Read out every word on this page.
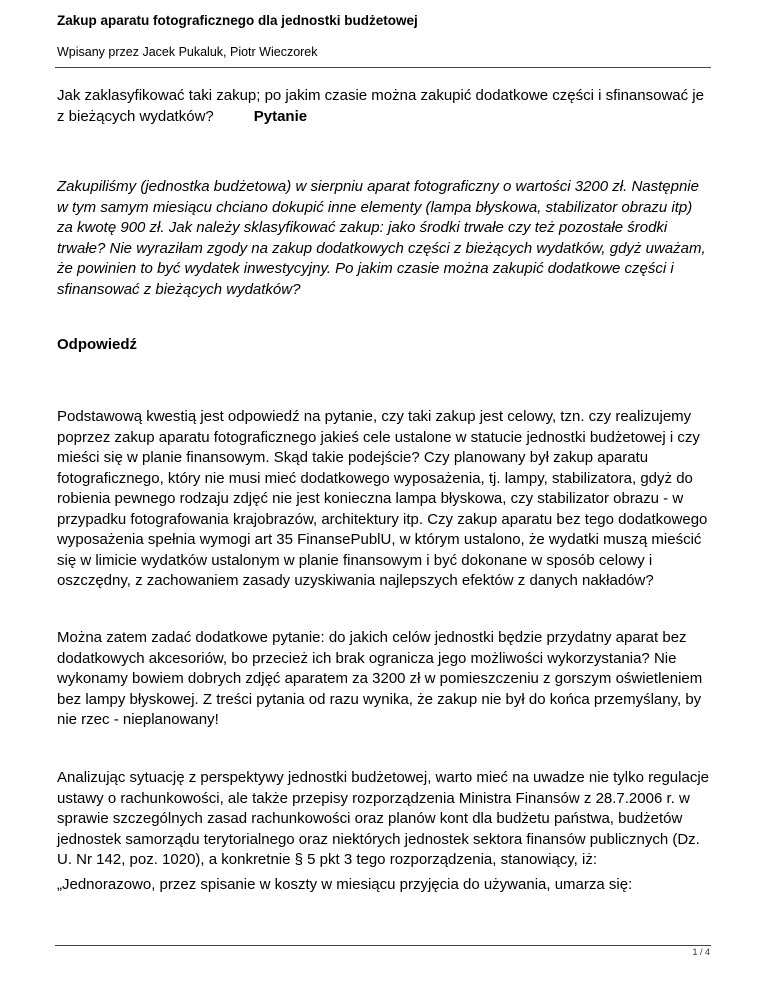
Zakup aparatu fotograficznego dla jednostki budżetowej

Wpisany przez Jacek Pukaluk, Piotr Wieczorek

Jak zaklasyfikować taki zakup; po jakim czasie można zakupić dodatkowe części i sfinansować je z bieżących wydatków?	Pytanie

Zakupiliśmy (jednostka budżetowa) w sierpniu aparat fotograficzny o wartości 3200 zł. Następnie w tym samym miesiącu chciano dokupić inne elementy (lampa błyskowa, stabilizator obrazu itp) za kwotę 900 zł. Jak należy sklasyfikować zakup: jako środki trwałe czy też pozostałe środki trwałe? Nie wyraziłam zgody na zakup dodatkowych części z bieżących wydatków, gdyż uważam, że powinien to być wydatek inwestycyjny. Po jakim czasie można zakupić dodatkowe części i sfinansować z bieżących wydatków?

Odpowiedź

Podstawową kwestią jest odpowiedź na pytanie, czy taki zakup jest celowy, tzn. czy realizujemy poprzez zakup aparatu fotograficznego jakieś cele ustalone w statucie jednostki budżetowej i czy mieści się w planie finansowym. Skąd takie podejście? Czy planowany był zakup aparatu fotograficznego, który nie musi mieć dodatkowego wyposażenia, tj. lampy, stabilizatora, gdyż do robienia pewnego rodzaju zdjęć nie jest konieczna lampa błyskowa, czy stabilizator obrazu - w przypadku fotografowania krajobrazów, architektury itp. Czy zakup aparatu bez tego dodatkowego wyposażenia spełnia wymogi art 35 FinansePublU, w którym ustalono, że wydatki muszą mieścić się w limicie wydatków ustalonym w planie finansowym i być dokonane w sposób celowy i oszczędny, z zachowaniem zasady uzyskiwania najlepszych efektów z danych nakładów?

Można zatem zadać dodatkowe pytanie: do jakich celów jednostki będzie przydatny aparat bez dodatkowych akcesoriów, bo przecież ich brak ogranicza jego możliwości wykorzystania? Nie wykonamy bowiem dobrych zdjęć aparatem za 3200 zł w pomieszczeniu z gorszym oświetleniem bez lampy błyskowej. Z treści pytania od razu wynika, że zakup nie był do końca przemyślany, by nie rzec - nieplanowany!

Analizując sytuację z perspektywy jednostki budżetowej, warto mieć na uwadze nie tylko regulacje ustawy o rachunkowości, ale także przepisy rozporządzenia Ministra Finansów z 28.7.2006 r. w sprawie szczególnych zasad rachunkowości oraz planów kont dla budżetu państwa, budżetów jednostek samorządu terytorialnego oraz niektórych jednostek sektora finansów publicznych (Dz. U. Nr 142, poz. 1020), a konkretnie § 5 pkt 3 tego rozporządzenia, stanowiący, iż:

„Jednorazowo, przez spisanie w koszty w miesiącu przyjęcia do używania, umarza się:

1 / 4
